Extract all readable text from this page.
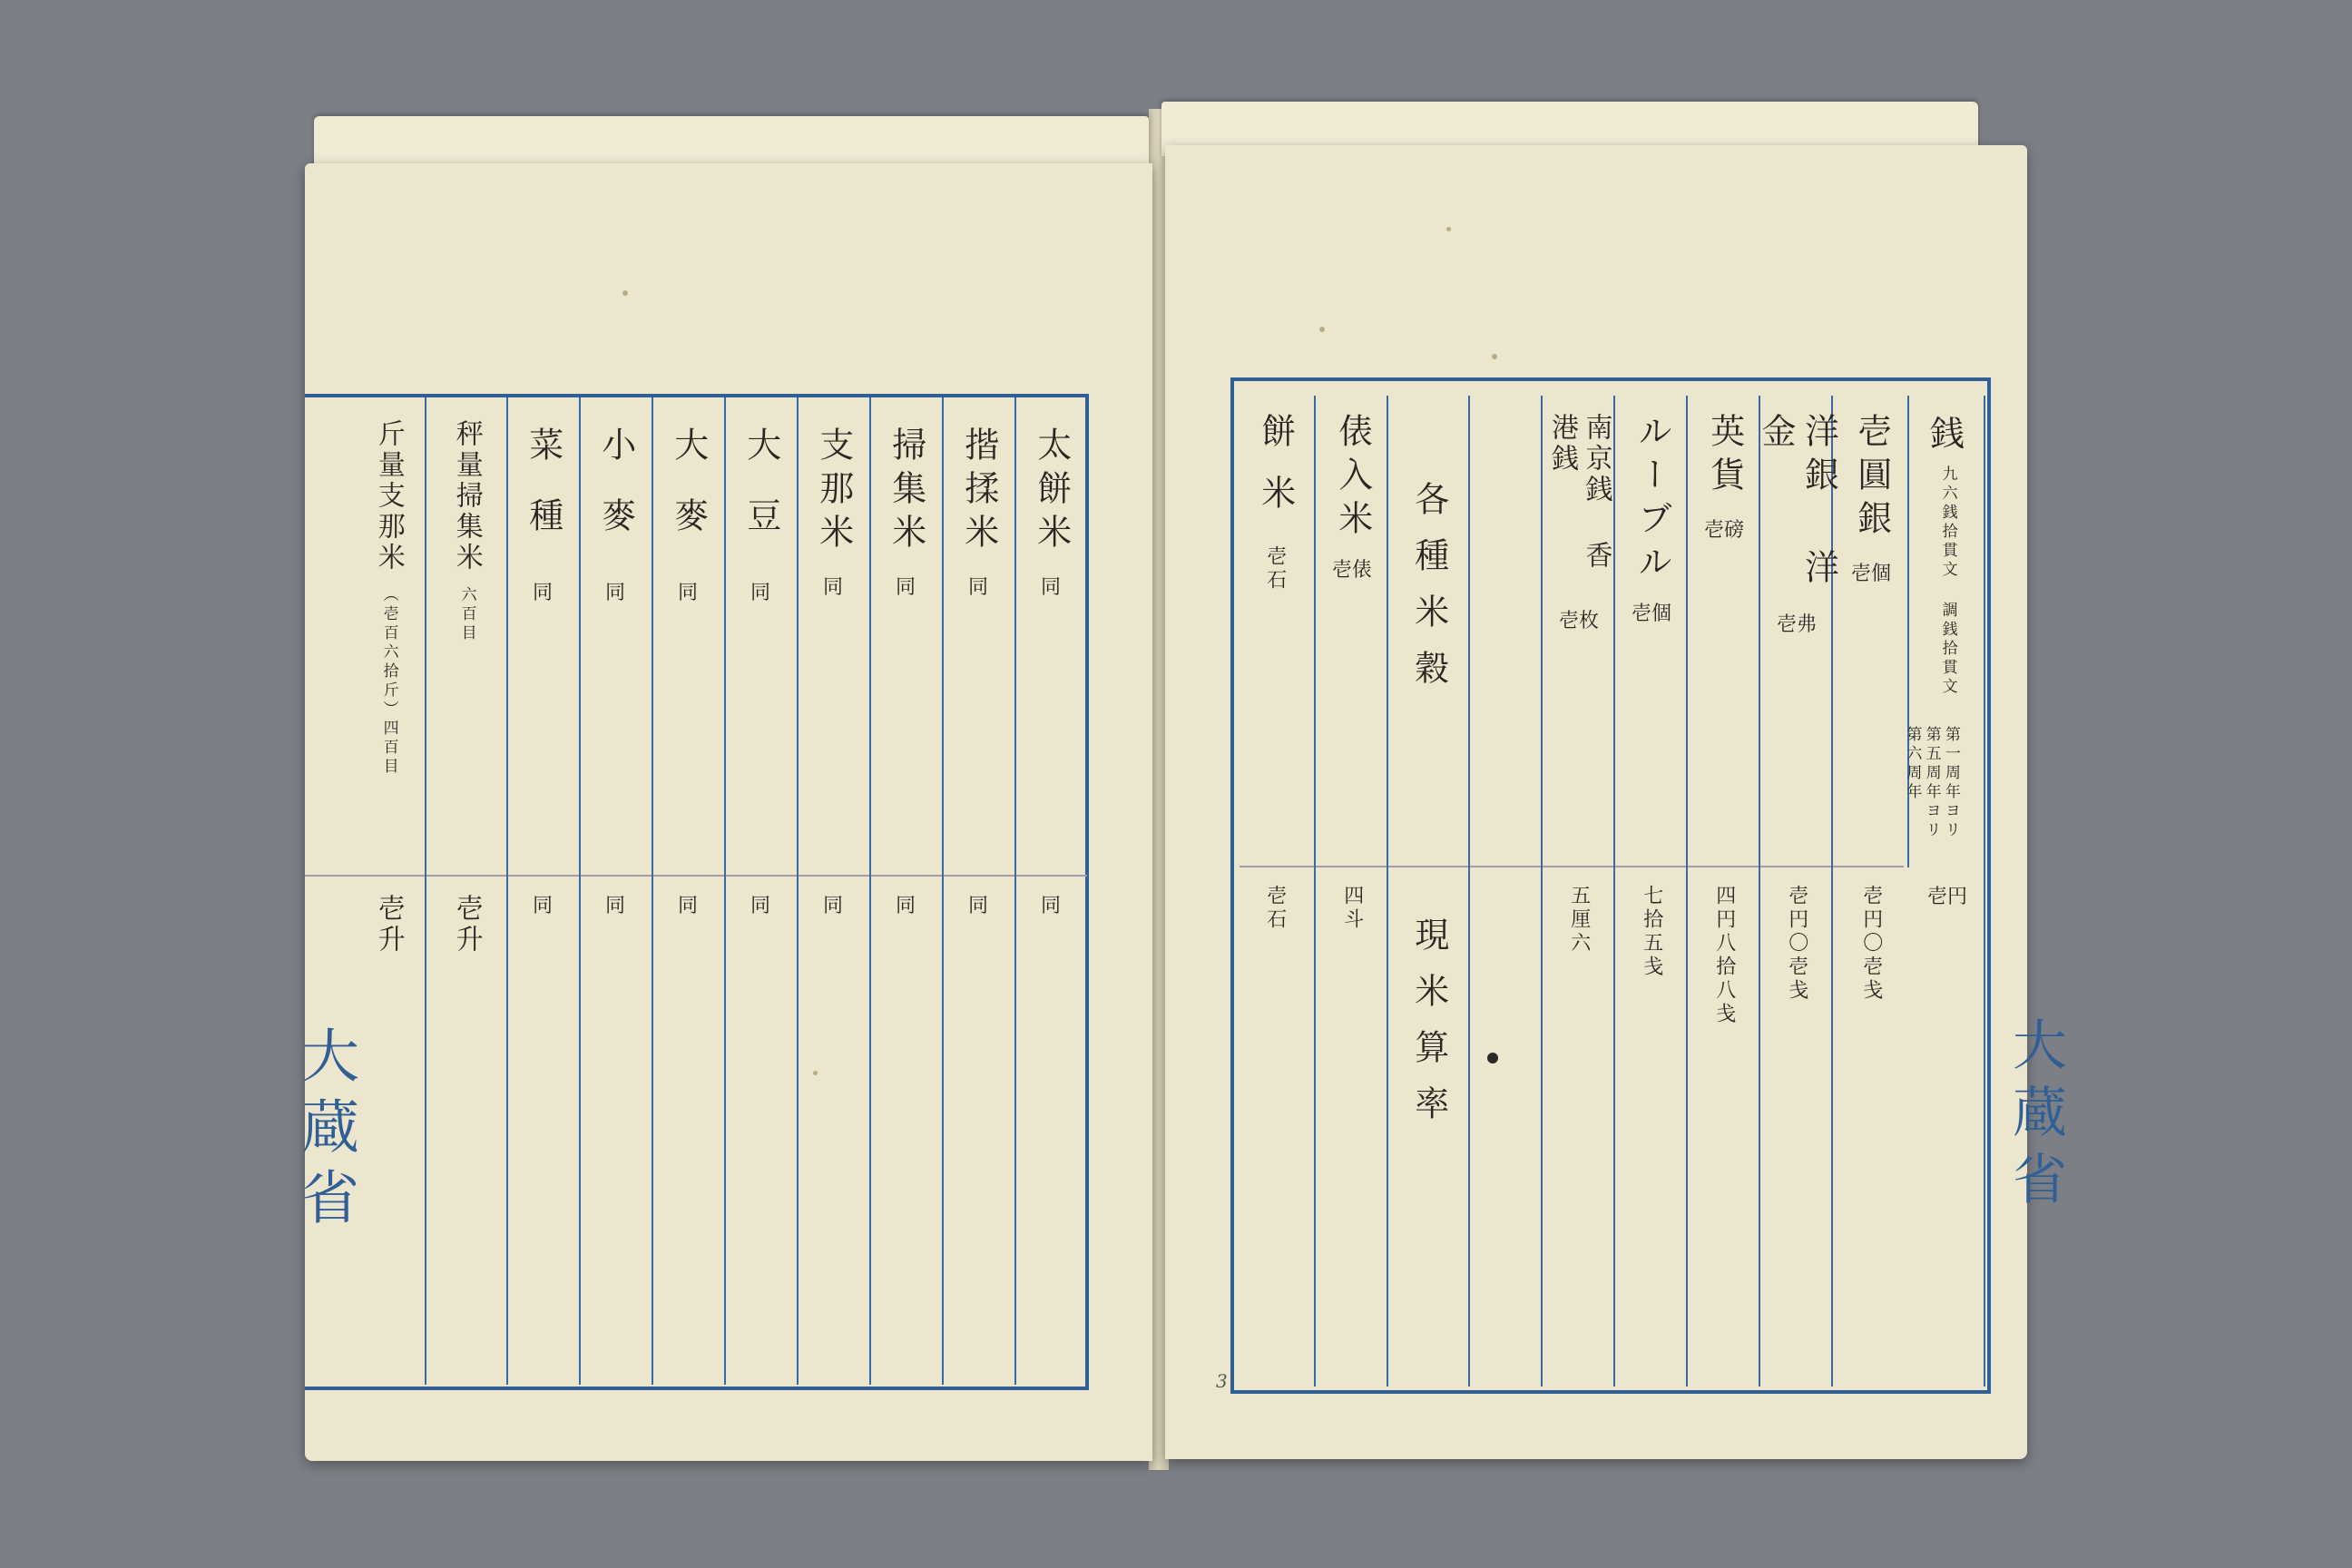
太餅米
同
同
揩揉米
同
同
掃集米
同
同
支那米
同
同
大豆
同
同
大麥
同
同
小麥
同
同
菜種
同
同
秤量掃集米
六百目
壱升
斤量支那米
（壱百六拾斤）四百目
壱升
大蔵省
銭
九六銭拾貫文 調銭拾貫文
第一周年ヨリ 第五周年ヨリ 第六周年
壱円
壱圓銀
壱個
壱円〇壱戋
洋銀 洋金
壱弗
壱円〇壱戋
英貨
壱磅
四円八拾八戋
ルーブル
壱個
七拾五戋
南京銭 香港銭
壱枚
五厘六
各種米穀
現米算率
俵入米
壱俵
四斗
餅米
壱石
壱石
3
大蔵省
